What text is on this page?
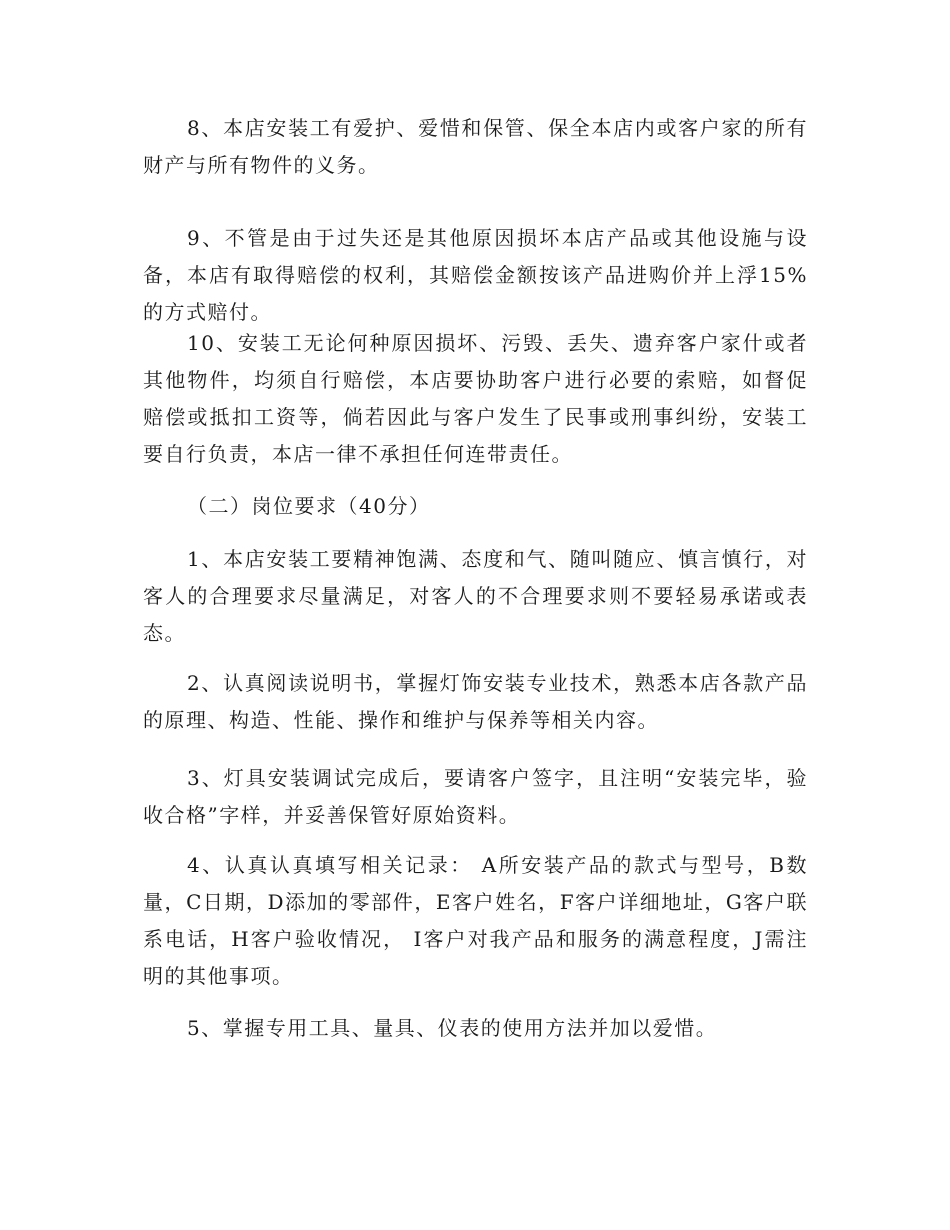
8、本店安装工有爱护、爱惜和保管、保全本店内或客户家的所有财产与所有物件的义务。

9、不管是由于过失还是其他原因损坏本店产品或其他设施与设备，本店有取得赔偿的权利，其赔偿金额按该产品进购价并上浮15%的方式赔付。

10、安装工无论何种原因损坏、污毁、丢失、遗弃客户家什或者其他物件，均须自行赔偿，本店要协助客户进行必要的索赔，如督促赔偿或抵扣工资等，倘若因此与客户发生了民事或刑事纠纷，安装工要自行负责，本店一律不承担任何连带责任。

（二）岗位要求（40分）

1、本店安装工要精神饱满、态度和气、随叫随应、慎言慎行，对客人的合理要求尽量满足，对客人的不合理要求则不要轻易承诺或表态。

2、认真阅读说明书，掌握灯饰安装专业技术，熟悉本店各款产品的原理、构造、性能、操作和维护与保养等相关内容。

3、灯具安装调试完成后，要请客户签字，且注明“安装完毕，验收合格”字样，并妥善保管好原始资料。

4、认真认真填写相关记录： A所安装产品的款式与型号，B数量，C日期，D添加的零部件，E客户姓名，F客户详细地址，G客户联系电话，H客户验收情况， I客户对我产品和服务的满意程度，J需注明的其他事项。

5、掌握专用工具、量具、仪表的使用方法并加以爱惜。
